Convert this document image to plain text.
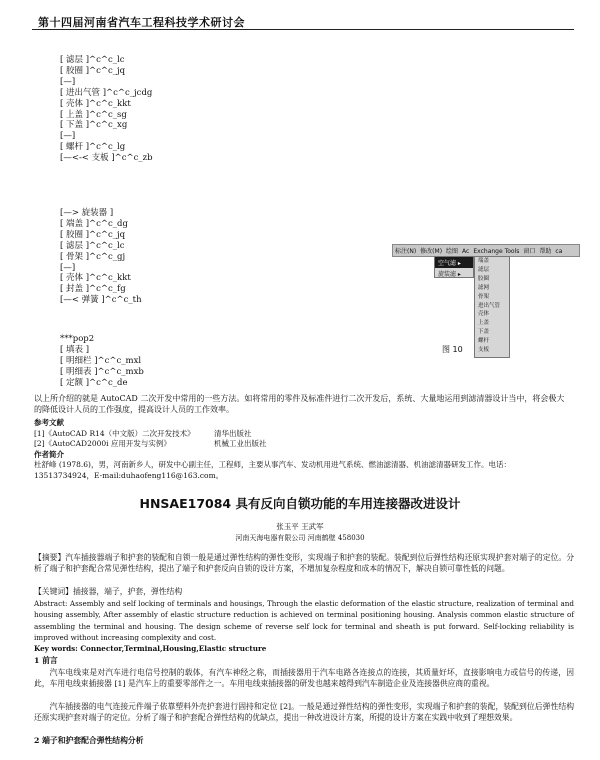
第十四届河南省汽车工程科技学术研讨会
[ 滤层 ]^c^c_lc
[ 胶圈 ]^c^c_jq
[—]
[ 进出气管 ]^c^c_jcdg
[ 壳体 ]^c^c_kkt
[ 上盖 ]^c^c_sg
[ 下盖 ]^c^c_xg
[—]
[ 螺杆 ]^c^c_lg
[—<-< 支板 ]^c^c_zb
[—> 旋装器 ]
[ 端盖 ]^c^c_dg
[ 胶圈 ]^c^c_jq
[ 滤层 ]^c^c_lc
[ 骨架 ]^c^c_gj
[—]
[ 壳体 ]^c^c_kkt
[ 封盖 ]^c^c_fg
[—< 弹簧 ]^c^c_th
***pop2
[ 填表 ]
[ 明细栏 ]^c^c_mxl
[ 明细表 ]^c^c_mxb
[ 定额 ]^c^c_de
标注(N) 修改(M) 绘图 Ac Exchange Tools 窗口 帮助 ca
空气滤 ▸
旋装滤 ▸
端盖
滤层
胶圈
滤网
骨架
进出气管
壳体
上盖
下盖
螺杆
支板
图 10
以上所介绍的就是 AutoCAD 二次开发中常用的一些方法。如将常用的零件及标准件进行二次开发后，系统、大量地运用到滤清器设计当中，将会极大的降低设计人员的工作强度，提高设计人员的工作效率。
参考文献
[1]《AutoCAD R14（中文版）二次开发技术》	清华出版社
[2]《AutoCAD2000i 应用开发与实例》	机械工业出版社
作者简介
杜舒峰 (1978.6)，男，河南新乡人，研发中心副主任，工程师，主要从事汽车、发动机用进气系统、燃油滤清器、机油滤清器研发工作。电话：13513734924，E-mail:duhaofeng116@163.com。
HNSAE17084 具有反向自锁功能的车用连接器改进设计
张玉平 王武军
河南天海电器有限公司 河南鹤壁 458030
【摘要】汽车插接器端子和护套的装配和自锁一般是通过弹性结构的弹性变形，实现端子和护套的装配。装配到位后弹性结构还原实现护套对端子的定位。分析了端子和护套配合常见弹性结构，提出了端子和护套反向自锁的设计方案，不增加复杂程度和成本的情况下，解决自锁可靠性低的问题。
【关键词】插接器，端子，护套，弹性结构
Abstract: Assembly and self locking of terminals and housings, Through the elastic deformation of the elastic structure, realization of terminal and housing assembly, After assembly of elastic structure reduction is achieved on terminal positioning housing. Analysis common elastic structure of assembling the terminal and housing. The design scheme of reverse self lock for terminal and sheath is put forward. Self-locking reliability is improved without increasing complexity and cost.
Key words: Connector,Terminal,Housing,Elastic structure
1 前言
汽车电线束是对汽车进行电信号控制的载体，有汽车神经之称，而插接器用于汽车电路各连接点的连接，其质量好坏，直接影响电力或信号的传递，因此，车用电线束插接器 [1] 是汽车上的重要零部件之一。车用电线束插接器的研发也越来越得到汽车制造企业及连接器供应商的重视。
汽车插接器的电气连接元件端子依靠塑料外壳护套进行固持和定位 [2]。一般是通过弹性结构的弹性变形，实现端子和护套的装配，装配到位后弹性结构还原实现护套对端子的定位。分析了端子和护套配合弹性结构的优缺点，提出一种改进设计方案，所提的设计方案在实践中收到了理想效果。
2 端子和护套配合弹性结构分析
